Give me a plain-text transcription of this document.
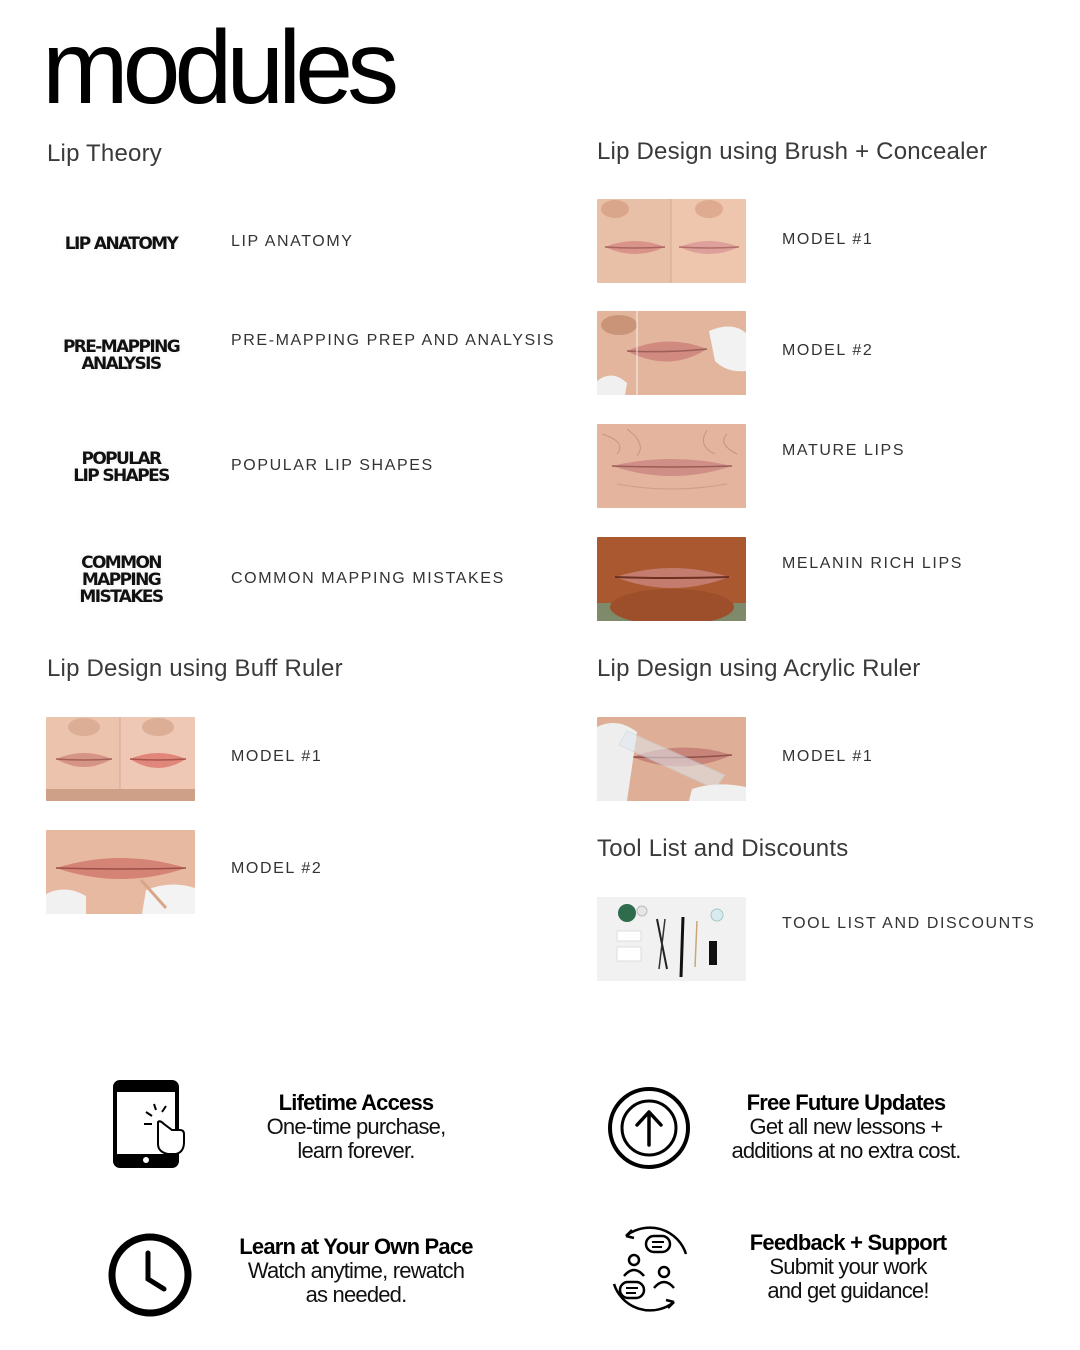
modules
Lip Theory
LIP ANATOMY	LIP ANATOMY
PRE-MAPPING
ANALYSIS
PRE-MAPPING PREP AND ANALYSIS
POPULAR
LIP SHAPES
POPULAR LIP SHAPES
COMMON
MAPPING
MISTAKES
COMMON MAPPING MISTAKES
Lip Design using Brush + Concealer
MODEL #1
MODEL #2
MATURE LIPS
MELANIN RICH LIPS
Lip Design using Buff Ruler
MODEL #1
MODEL #2
Lip Design using Acrylic Ruler
MODEL #1
Tool List and Discounts
TOOL LIST AND DISCOUNTS
Lifetime Access
One-time purchase,
learn forever.
Free Future Updates
Get all new lessons +
additions at no extra cost.
Learn at Your Own Pace
Watch anytime, rewatch
as needed.
Feedback + Support
Submit your work
and get guidance!
